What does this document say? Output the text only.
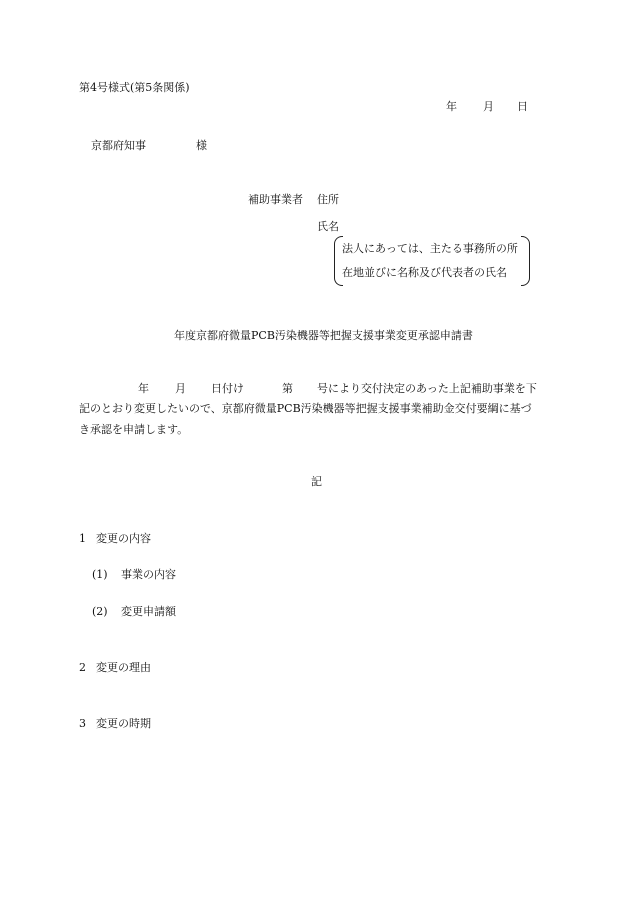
第4号様式(第5条関係)
年 月 日
京都府知事	様
補助事業者 住所
氏名
法人にあっては、主たる事務所の所
在地並びに名称及び代表者の氏名
年度京都府微量PCB汚染機器等把握支援事業変更承認申請書
年 月 日付け	第 号により交付決定のあった上記補助事業を下
記のとおり変更したいので、京都府微量PCB汚染機器等把握支援事業補助金交付要綱に基づ
き承認を申請します。
記
1 変更の内容
(1) 事業の内容
(2) 変更申請額
2 変更の理由
3 変更の時期
